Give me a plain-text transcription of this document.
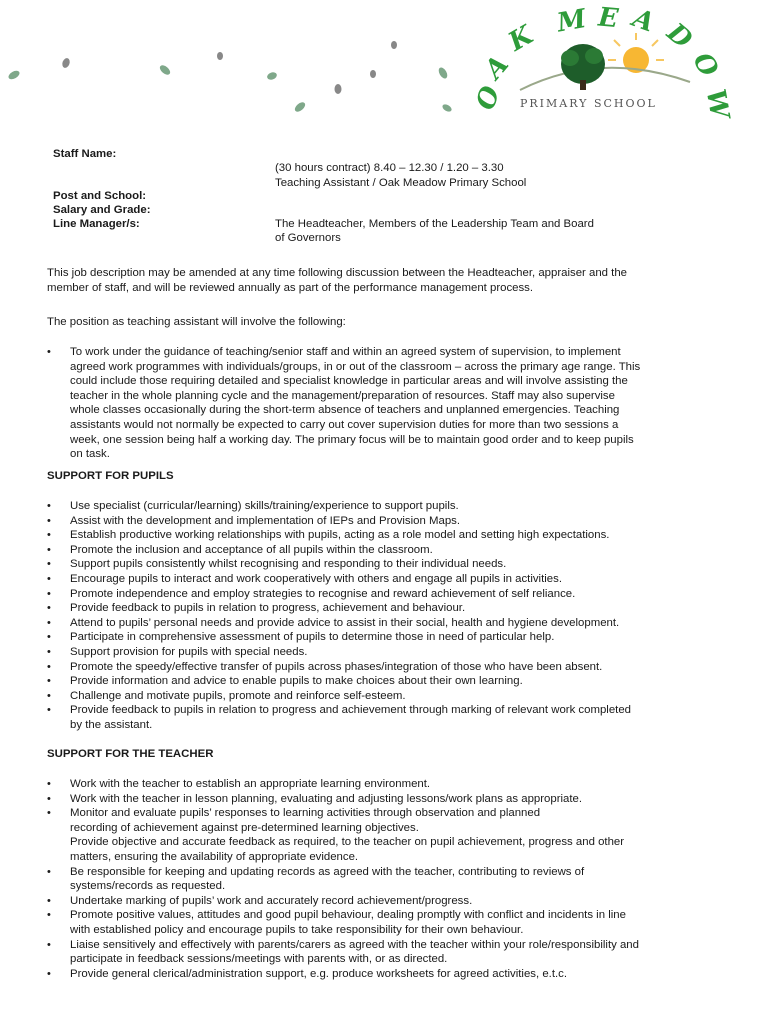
O
A
K M E A D
O
W
PRIMARY SCHOOL
Staff Name:
(30 hours contract) 8.40 – 12.30 / 1.20 – 3.30
Teaching Assistant / Oak Meadow Primary School
Post and School:
Salary and Grade:
Line Manager/s:	The Headteacher, Members of the Leadership Team and Board
of Governors

This job description may be amended at any time following discussion between the Headteacher, appraiser and the
member of staff, and will be reviewed annually as part of the performance management process.

The position as teaching assistant will involve the following:

• To work under the guidance of teaching/senior staff and within an agreed system of supervision, to implement
agreed work programmes with individuals/groups, in or out of the classroom – across the primary age range. This
could include those requiring detailed and specialist knowledge in particular areas and will involve assisting the
teacher in the whole planning cycle and the management/preparation of resources. Staff may also supervise
whole classes occasionally during the short-term absence of teachers and unplanned emergencies. Teaching
assistants would not normally be expected to carry out cover supervision duties for more than two sessions a
week, one session being half a working day. The primary focus will be to maintain good order and to keep pupils
on task.

SUPPORT FOR PUPILS

• Use specialist (curricular/learning) skills/training/experience to support pupils.
• Assist with the development and implementation of IEPs and Provision Maps.
• Establish productive working relationships with pupils, acting as a role model and setting high expectations.
• Promote the inclusion and acceptance of all pupils within the classroom.
• Support pupils consistently whilst recognising and responding to their individual needs.
• Encourage pupils to interact and work cooperatively with others and engage all pupils in activities.
• Promote independence and employ strategies to recognise and reward achievement of self reliance.
• Provide feedback to pupils in relation to progress, achievement and behaviour.
• Attend to pupils’ personal needs and provide advice to assist in their social, health and hygiene development.
• Participate in comprehensive assessment of pupils to determine those in need of particular help.
• Support provision for pupils with special needs.
• Promote the speedy/effective transfer of pupils across phases/integration of those who have been absent.
• Provide information and advice to enable pupils to make choices about their own learning.
• Challenge and motivate pupils, promote and reinforce self-esteem.
• Provide feedback to pupils in relation to progress and achievement through marking of relevant work completed
by the assistant.

SUPPORT FOR THE TEACHER

• Work with the teacher to establish an appropriate learning environment.
• Work with the teacher in lesson planning, evaluating and adjusting lessons/work plans as appropriate.
• Monitor and evaluate pupils’ responses to learning activities through observation and planned
recording of achievement against pre-determined learning objectives.
Provide objective and accurate feedback as required, to the teacher on pupil achievement, progress and other
matters, ensuring the availability of appropriate evidence.
• Be responsible for keeping and updating records as agreed with the teacher, contributing to reviews of
systems/records as requested.
• Undertake marking of pupils’ work and accurately record achievement/progress.
• Promote positive values, attitudes and good pupil behaviour, dealing promptly with conflict and incidents in line
with established policy and encourage pupils to take responsibility for their own behaviour.
• Liaise sensitively and effectively with parents/carers as agreed with the teacher within your role/responsibility and
participate in feedback sessions/meetings with parents with, or as directed.
• Provide general clerical/administration support, e.g. produce worksheets for agreed activities, e.t.c.
